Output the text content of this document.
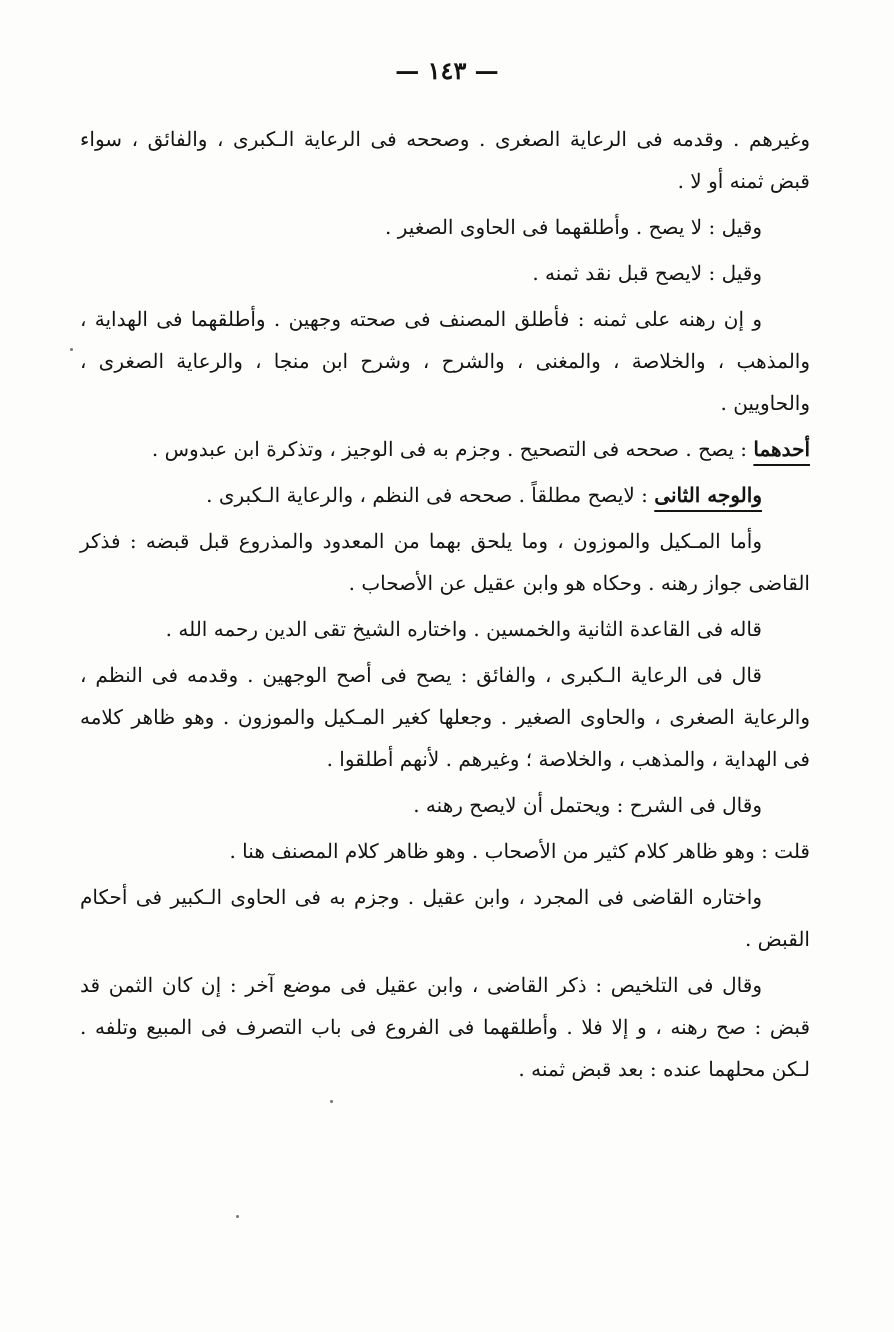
— ١٤٣ —

وغيرهم . وقدمه فى الرعاية الصغرى . وصححه فى الرعاية الـكبرى ، والفائق ، سواء قبض ثمنه أو لا .

وقيل : لا يصح . وأطلقهما فى الحاوى الصغير .

وقيل : لايصح قبل نقد ثمنه .

و إن رهنه على ثمنه : فأطلق المصنف فى صحته وجهين . وأطلقهما فى الهداية ، والمذهب ، والخلاصة ، والمغنى ، والشرح ، وشرح ابن منجا ، والرعاية الصغرى ، والحاويين .

أحدهما : يصح . صححه فى التصحيح . وجزم به فى الوجيز ، وتذكرة ابن عبدوس .

والوجه الثانى : لايصح مطلقاً . صححه فى النظم ، والرعاية الـكبرى .

وأما المـكيل والموزون ، وما يلحق بهما من المعدود والمذروع قبل قبضه : فذكر القاضى جواز رهنه . وحكاه هو وابن عقيل عن الأصحاب .

قاله فى القاعدة الثانية والخمسين . واختاره الشيخ تقى الدين رحمه الله .

قال فى الرعاية الـكبرى ، والفائق : يصح فى أصح الوجهين . وقدمه فى النظم ، والرعاية الصغرى ، والحاوى الصغير . وجعلها كغير المـكيل والموزون . وهو ظاهر كلامه فى الهداية ، والمذهب ، والخلاصة ؛ وغيرهم . لأنهم أطلقوا .

وقال فى الشرح : ويحتمل أن لايصح رهنه .

قلت : وهو ظاهر كلام كثير من الأصحاب . وهو ظاهر كلام المصنف هنا .

واختاره القاضى فى المجرد ، وابن عقيل . وجزم به فى الحاوى الـكبير فى أحكام القبض .

وقال فى التلخيص : ذكر القاضى ، وابن عقيل فى موضع آخر : إن كان الثمن قد قبض : صح رهنه ، و إلا فلا . وأطلقهما فى الفروع فى باب التصرف فى المبيع وتلفه . لـكن محلهما عنده : بعد قبض ثمنه .
